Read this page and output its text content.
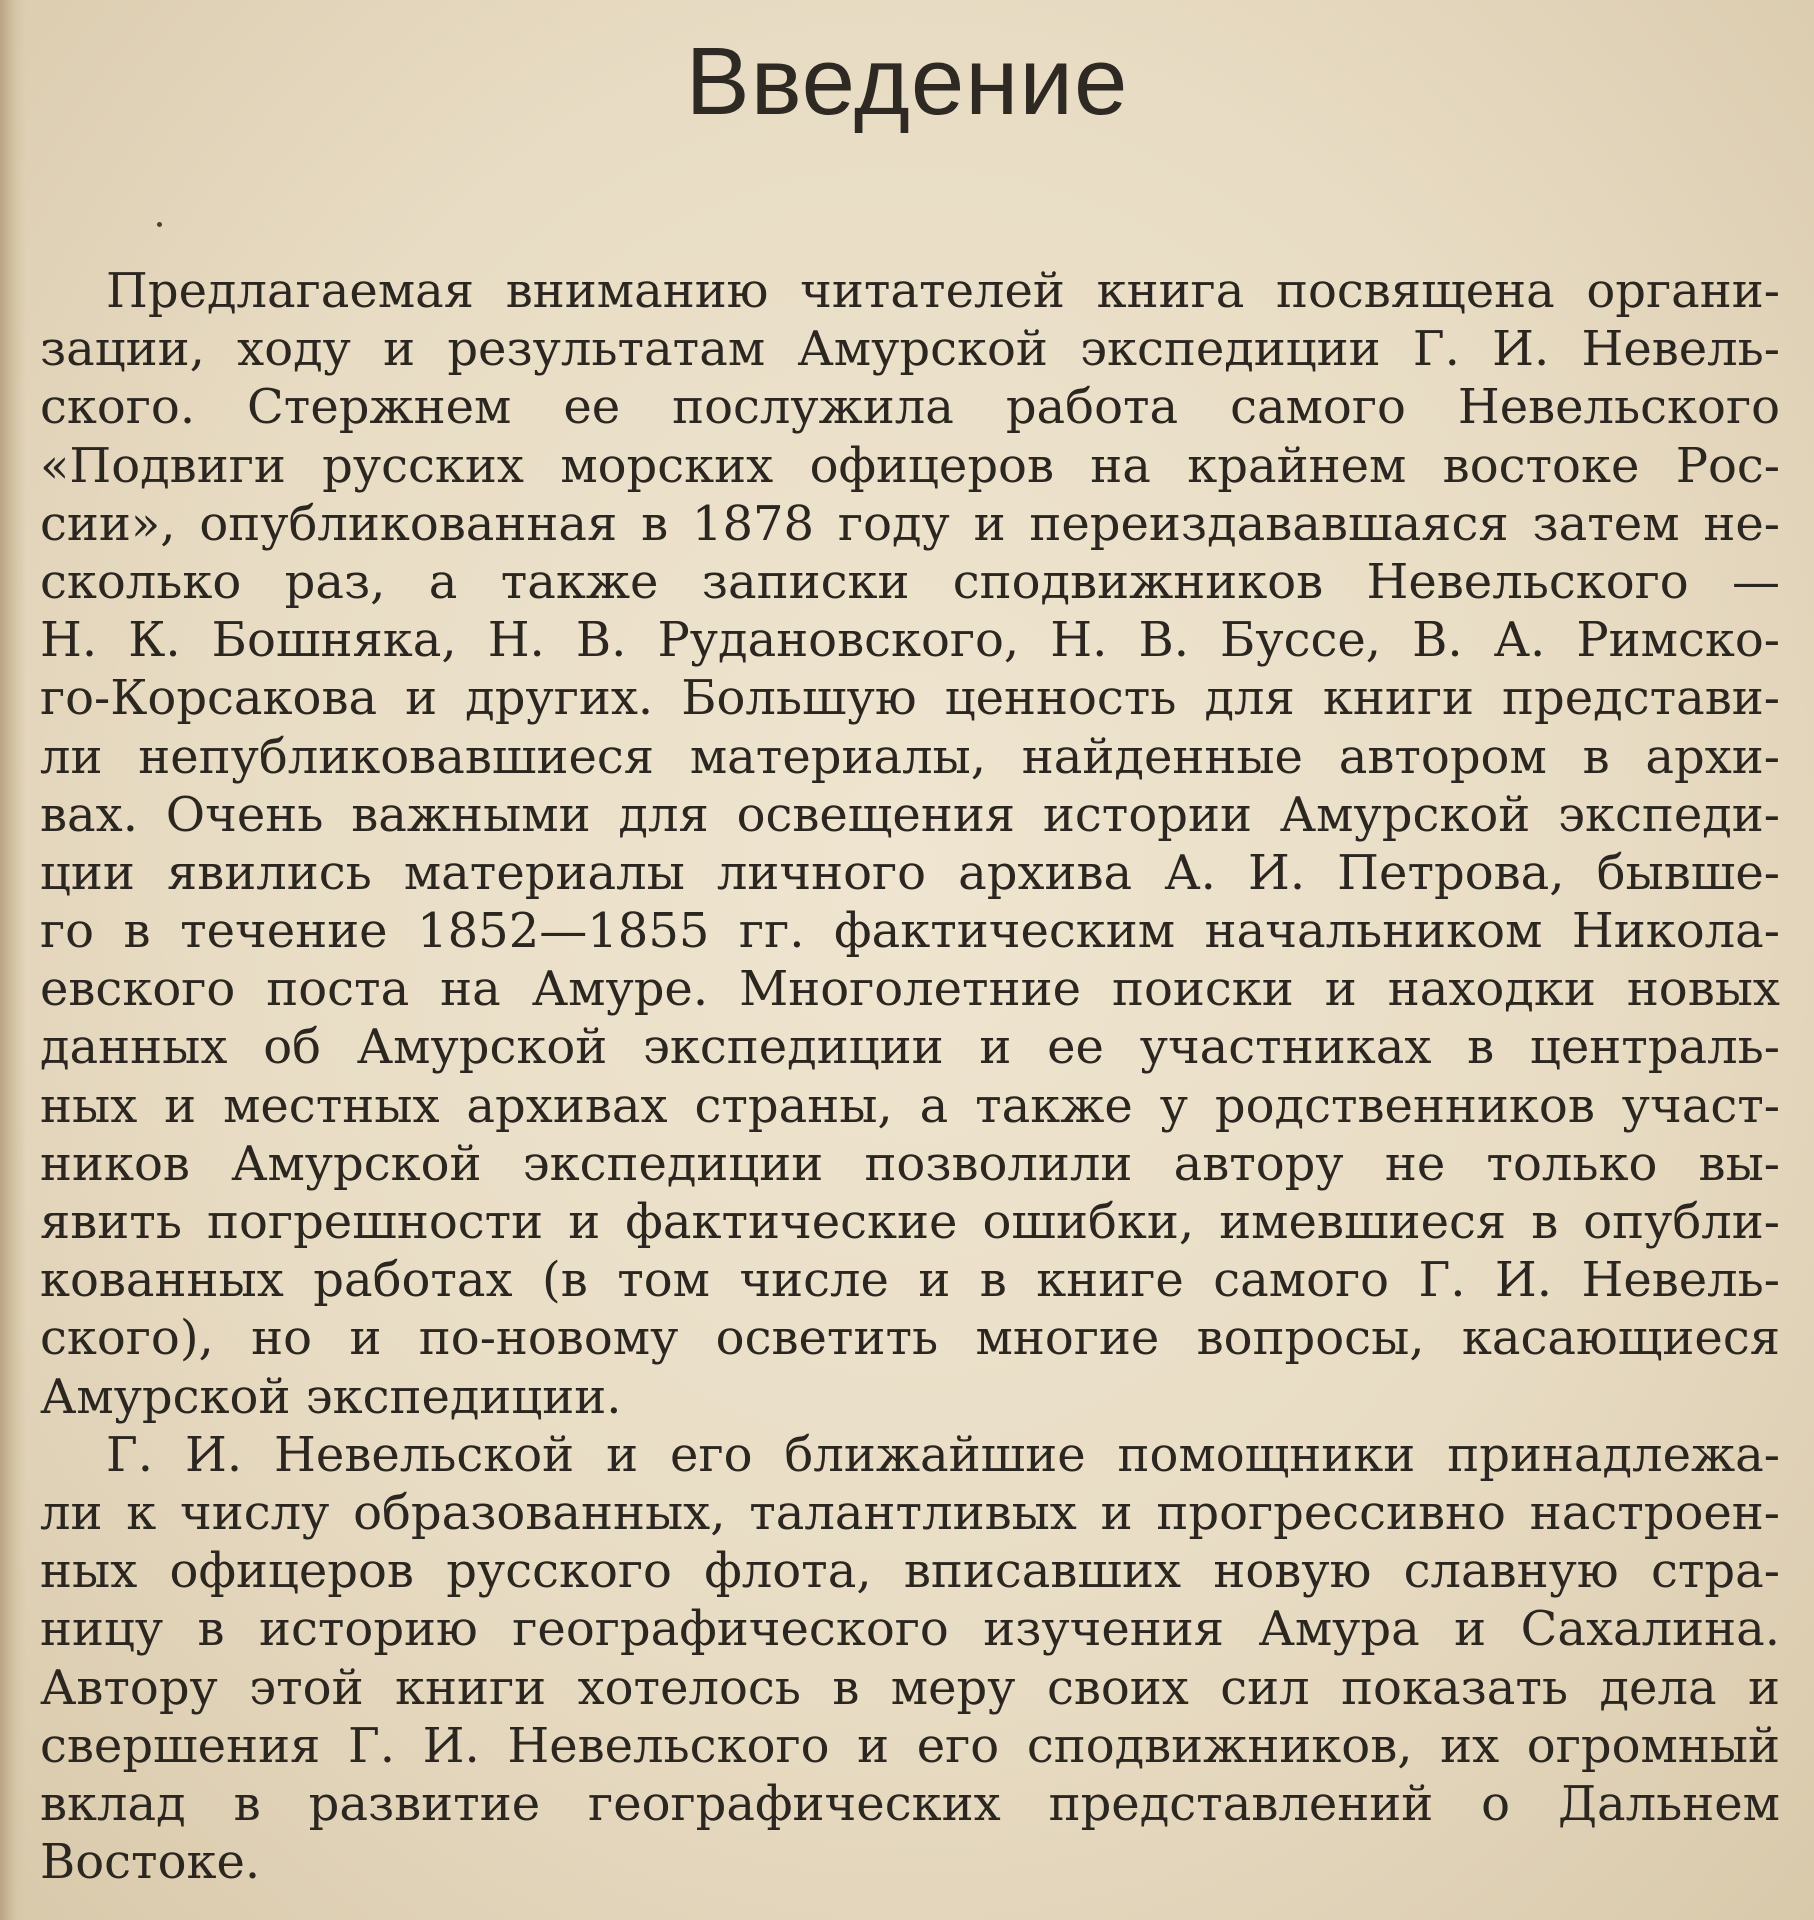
Введение
Предлагаемая вниманию читателей книга посвящена органи-
зации, ходу и результатам Амурской экспедиции Г. И. Невель-
ского. Стержнем ее послужила работа самого Невельского
«Подвиги русских морских офицеров на крайнем востоке Рос-
сии», опубликованная в 1878 году и переиздававшаяся затем не-
сколько раз, а также записки сподвижников Невельского —
Н. К. Бошняка, Н. В. Рудановского, Н. В. Буссе, В. А. Римско-
го-Корсакова и других. Большую ценность для книги представи-
ли непубликовавшиеся материалы, найденные автором в архи-
вах. Очень важными для освещения истории Амурской экспеди-
ции явились материалы личного архива А. И. Петрова, бывше-
го в течение 1852—1855 гг. фактическим начальником Никола-
евского поста на Амуре. Многолетние поиски и находки новых
данных об Амурской экспедиции и ее участниках в централь-
ных и местных архивах страны, а также у родственников участ-
ников Амурской экспедиции позволили автору не только вы-
явить погрешности и фактические ошибки, имевшиеся в опубли-
кованных работах (в том числе и в книге самого Г. И. Невель-
ского), но и по-новому осветить многие вопросы, касающиеся
Амурской экспедиции.
Г. И. Невельской и его ближайшие помощники принадлежа-
ли к числу образованных, талантливых и прогрессивно настроен-
ных офицеров русского флота, вписавших новую славную стра-
ницу в историю географического изучения Амура и Сахалина.
Автору этой книги хотелось в меру своих сил показать дела и
свершения Г. И. Невельского и его сподвижников, их огромный
вклад в развитие географических представлений о Дальнем
Востоке.
